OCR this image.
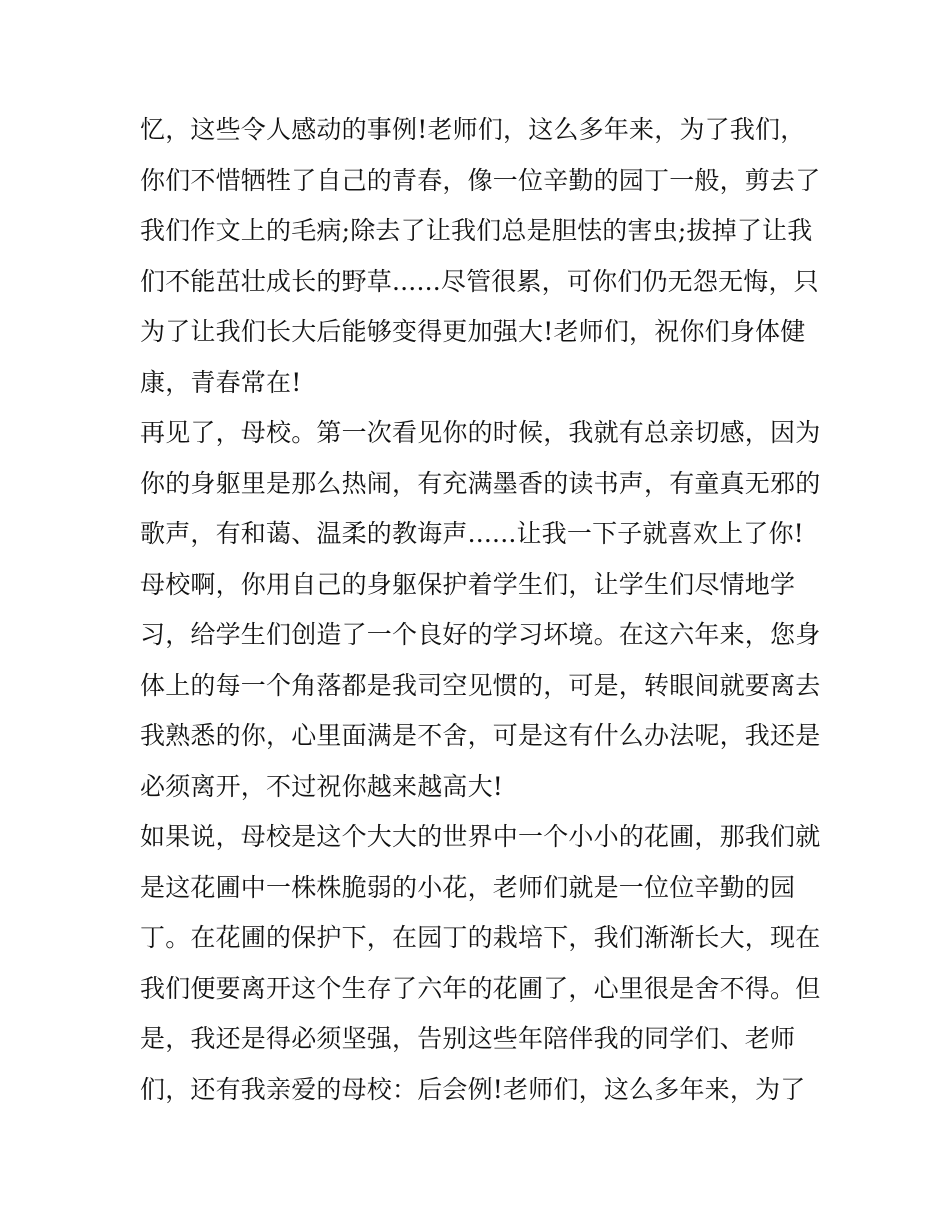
忆，这些令人感动的事例!老师们，这么多年来，为了我们，
你们不惜牺牲了自己的青春，像一位辛勤的园丁一般，剪去了
我们作文上的毛病;除去了让我们总是胆怯的害虫;拔掉了让我
们不能茁壮成长的野草......尽管很累，可你们仍无怨无悔，只
为了让我们长大后能够变得更加强大!老师们，祝你们身体健
康，青春常在!
再见了，母校。第一次看见你的时候，我就有总亲切感，因为
你的身躯里是那么热闹，有充满墨香的读书声，有童真无邪的
歌声，有和蔼、温柔的教诲声......让我一下子就喜欢上了你!
母校啊，你用自己的身躯保护着学生们，让学生们尽情地学
习，给学生们创造了一个良好的学习坏境。在这六年来，您身
体上的每一个角落都是我司空见惯的，可是，转眼间就要离去
我熟悉的你，心里面满是不舍，可是这有什么办法呢，我还是
必须离开，不过祝你越来越高大!
如果说，母校是这个大大的世界中一个小小的花圃，那我们就
是这花圃中一株株脆弱的小花，老师们就是一位位辛勤的园
丁。在花圃的保护下，在园丁的栽培下，我们渐渐长大，现在
我们便要离开这个生存了六年的花圃了，心里很是舍不得。但
是，我还是得必须坚强，告别这些年陪伴我的同学们、老师
们，还有我亲爱的母校：后会例!老师们，这么多年来，为了
